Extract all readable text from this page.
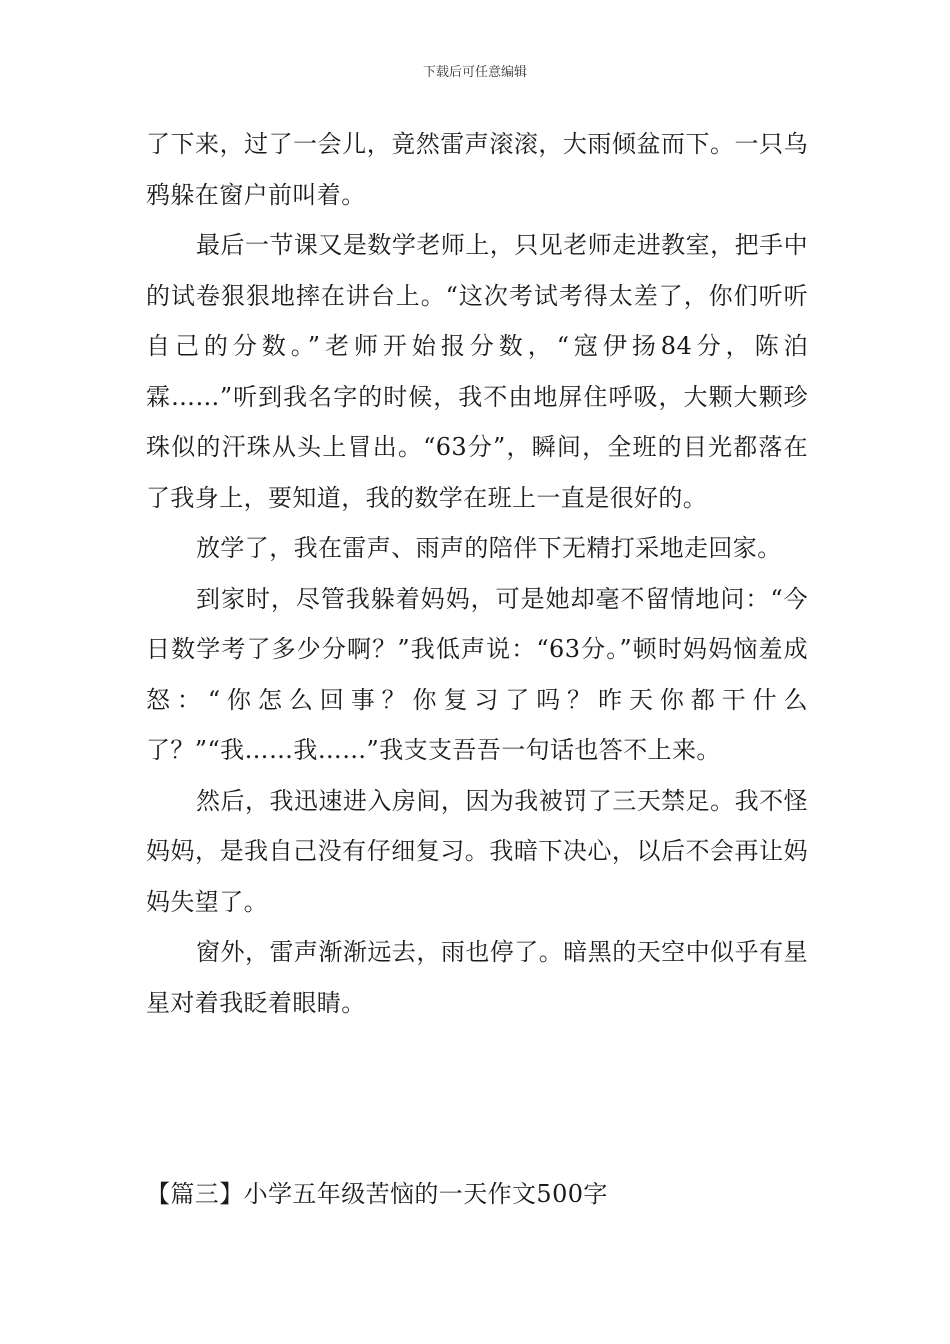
下载后可任意编辑

了下来，过了一会儿，竟然雷声滚滚，大雨倾盆而下。一只乌鸦躲在窗户前叫着。

最后一节课又是数学老师上，只见老师走进教室，把手中的试卷狠狠地摔在讲台上。“这次考试考得太差了，你们听听自己的分数。”老师开始报分数，“寇伊扬84分，陈泊霖……”听到我名字的时候，我不由地屏住呼吸，大颗大颗珍珠似的汗珠从头上冒出。“63分”，瞬间，全班的目光都落在了我身上，要知道，我的数学在班上一直是很好的。

放学了，我在雷声、雨声的陪伴下无精打采地走回家。

到家时，尽管我躲着妈妈，可是她却毫不留情地问：“今日数学考了多少分啊？”我低声说：“63分。”顿时妈妈恼羞成怒：“你怎么回事？你复习了吗？昨天你都干什么了？”“我……我……”我支支吾吾一句话也答不上来。

然后，我迅速进入房间，因为我被罚了三天禁足。我不怪妈妈，是我自己没有仔细复习。我暗下决心，以后不会再让妈妈失望了。

窗外，雷声渐渐远去，雨也停了。暗黑的天空中似乎有星星对着我眨着眼睛。

【篇三】小学五年级苦恼的一天作文500字
